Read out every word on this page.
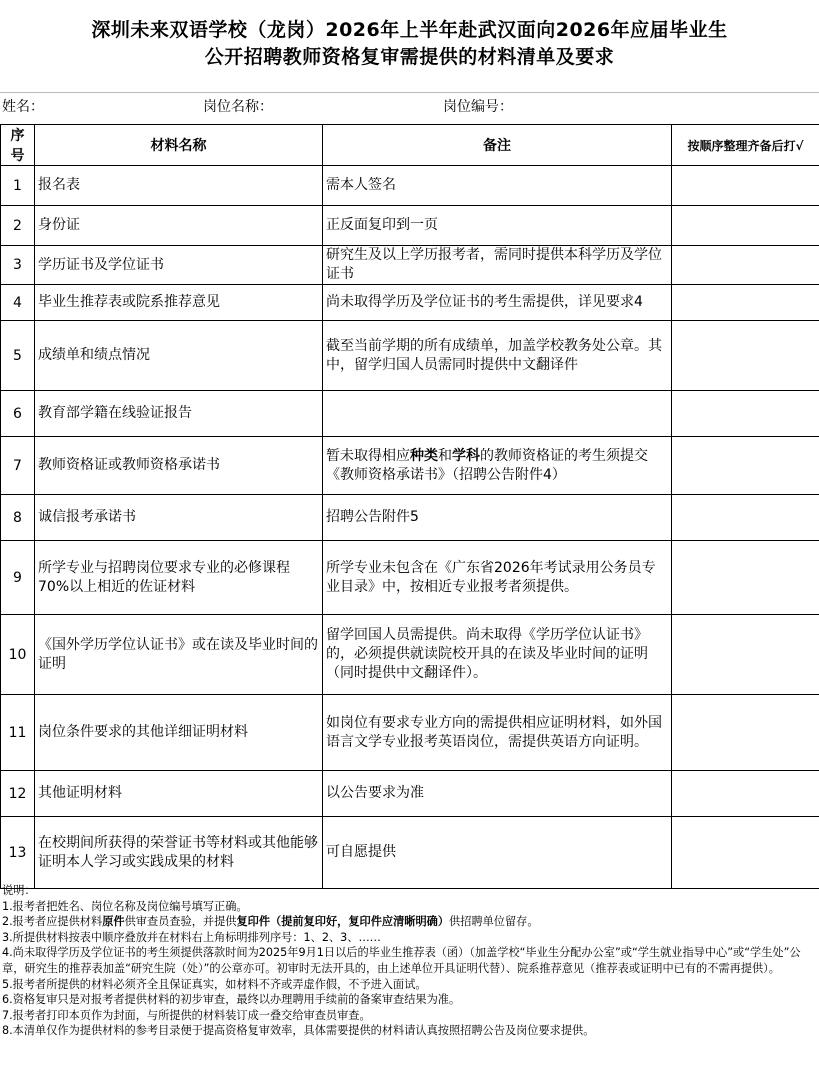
深圳未来双语学校（龙岗）2026年上半年赴武汉面向2026年应届毕业生
公开招聘教师资格复审需提供的材料清单及要求
姓名：	岗位名称：	岗位编号：
序号	材料名称	备注	按顺序整理齐备后打√
1	报名表	需本人签名	
2	身份证	正反面复印到一页	
3	学历证书及学位证书	研究生及以上学历报考者，需同时提供本科学历及学位证书	
4	毕业生推荐表或院系推荐意见	尚未取得学历及学位证书的考生需提供，详见要求4	
5	成绩单和绩点情况	截至当前学期的所有成绩单，加盖学校教务处公章。其中，留学归国人员需同时提供中文翻译件	
6	教育部学籍在线验证报告		
7	教师资格证或教师资格承诺书	暂未取得相应种类和学科的教师资格证的考生须提交《教师资格承诺书》（招聘公告附件4）	
8	诚信报考承诺书	招聘公告附件5	
9	所学专业与招聘岗位要求专业的必修课程70%以上相近的佐证材料	所学专业未包含在《广东省2026年考试录用公务员专业目录》中，按相近专业报考者须提供。	
10	《国外学历学位认证书》或在读及毕业时间的证明	留学回国人员需提供。尚未取得《学历学位认证书》的，必须提供就读院校开具的在读及毕业时间的证明（同时提供中文翻译件）。	
11	岗位条件要求的其他详细证明材料	如岗位有要求专业方向的需提供相应证明材料，如外国语言文学专业报考英语岗位，需提供英语方向证明。	
12	其他证明材料	以公告要求为准	
13	在校期间所获得的荣誉证书等材料或其他能够证明本人学习或实践成果的材料	可自愿提供	
说明：
1.报考者把姓名、岗位名称及岗位编号填写正确。
2.报考者应提供材料原件供审查员查验，并提供复印件（提前复印好，复印件应清晰明确）供招聘单位留存。
3.所提供材料按表中顺序叠放并在材料右上角标明排列序号：1、2、3、……
4.尚未取得学历及学位证书的考生须提供落款时间为2025年9月1日以后的毕业生推荐表（函）（加盖学校“毕业生分配办公室”或“学生就业指导中心”或“学生处”公章，研究生的推荐表加盖“研究生院（处）”的公章亦可。初审时无法开具的，由上述单位开具证明代替）、院系推荐意见（推荐表或证明中已有的不需再提供）。
5.报考者所提供的材料必须齐全且保证真实，如材料不齐或弄虚作假，不予进入面试。
6.资格复审只是对报考者提供材料的初步审查，最终以办理聘用手续前的备案审查结果为准。
7.报考者打印本页作为封面，与所提供的材料装订成一叠交给审查员审查。
8.本清单仅作为提供材料的参考目录便于提高资格复审效率，具体需要提供的材料请认真按照招聘公告及岗位要求提供。
